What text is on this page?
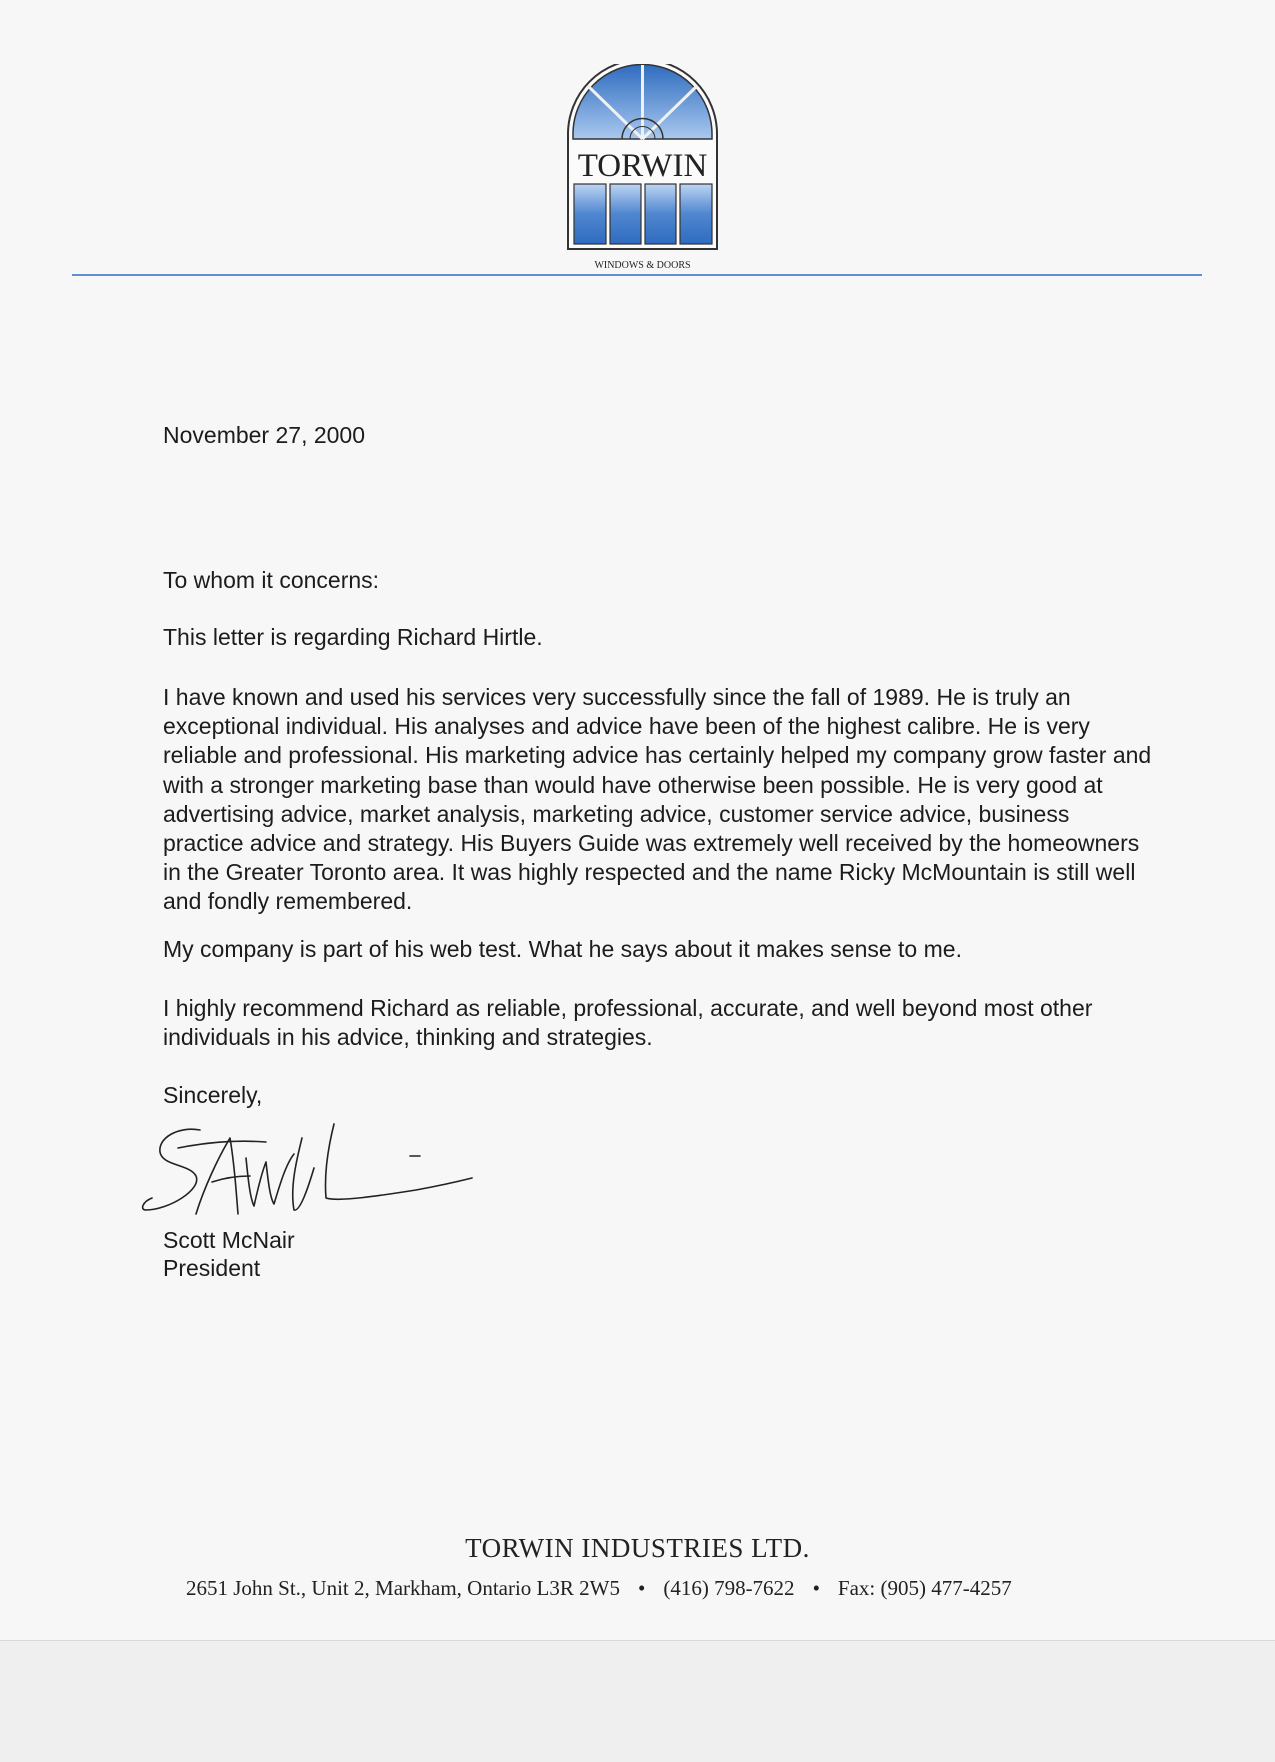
TORWIN
WINDOWS & DOORS

November 27, 2000

To whom it concerns:

This letter is regarding Richard Hirtle.

I have known and used his services very successfully since the fall of 1989. He is truly an exceptional individual. His analyses and advice have been of the highest calibre. He is very reliable and professional. His marketing advice has certainly helped my company grow faster and with a stronger marketing base than would have otherwise been possible. He is very good at advertising advice, market analysis, marketing advice, customer service advice, business practice advice and strategy. His Buyers Guide was extremely well received by the homeowners in the Greater Toronto area. It was highly respected and the name Ricky McMountain is still well and fondly remembered.

My company is part of his web test. What he says about it makes sense to me.

I highly recommend Richard as reliable, professional, accurate, and well beyond most other individuals in his advice, thinking and strategies.

Sincerely,

Scott McNair

President

TORWIN INDUSTRIES LTD.
2651 John St., Unit 2, Markham, Ontario L3R 2W5 • (416) 798-7622 • Fax: (905) 477-4257
